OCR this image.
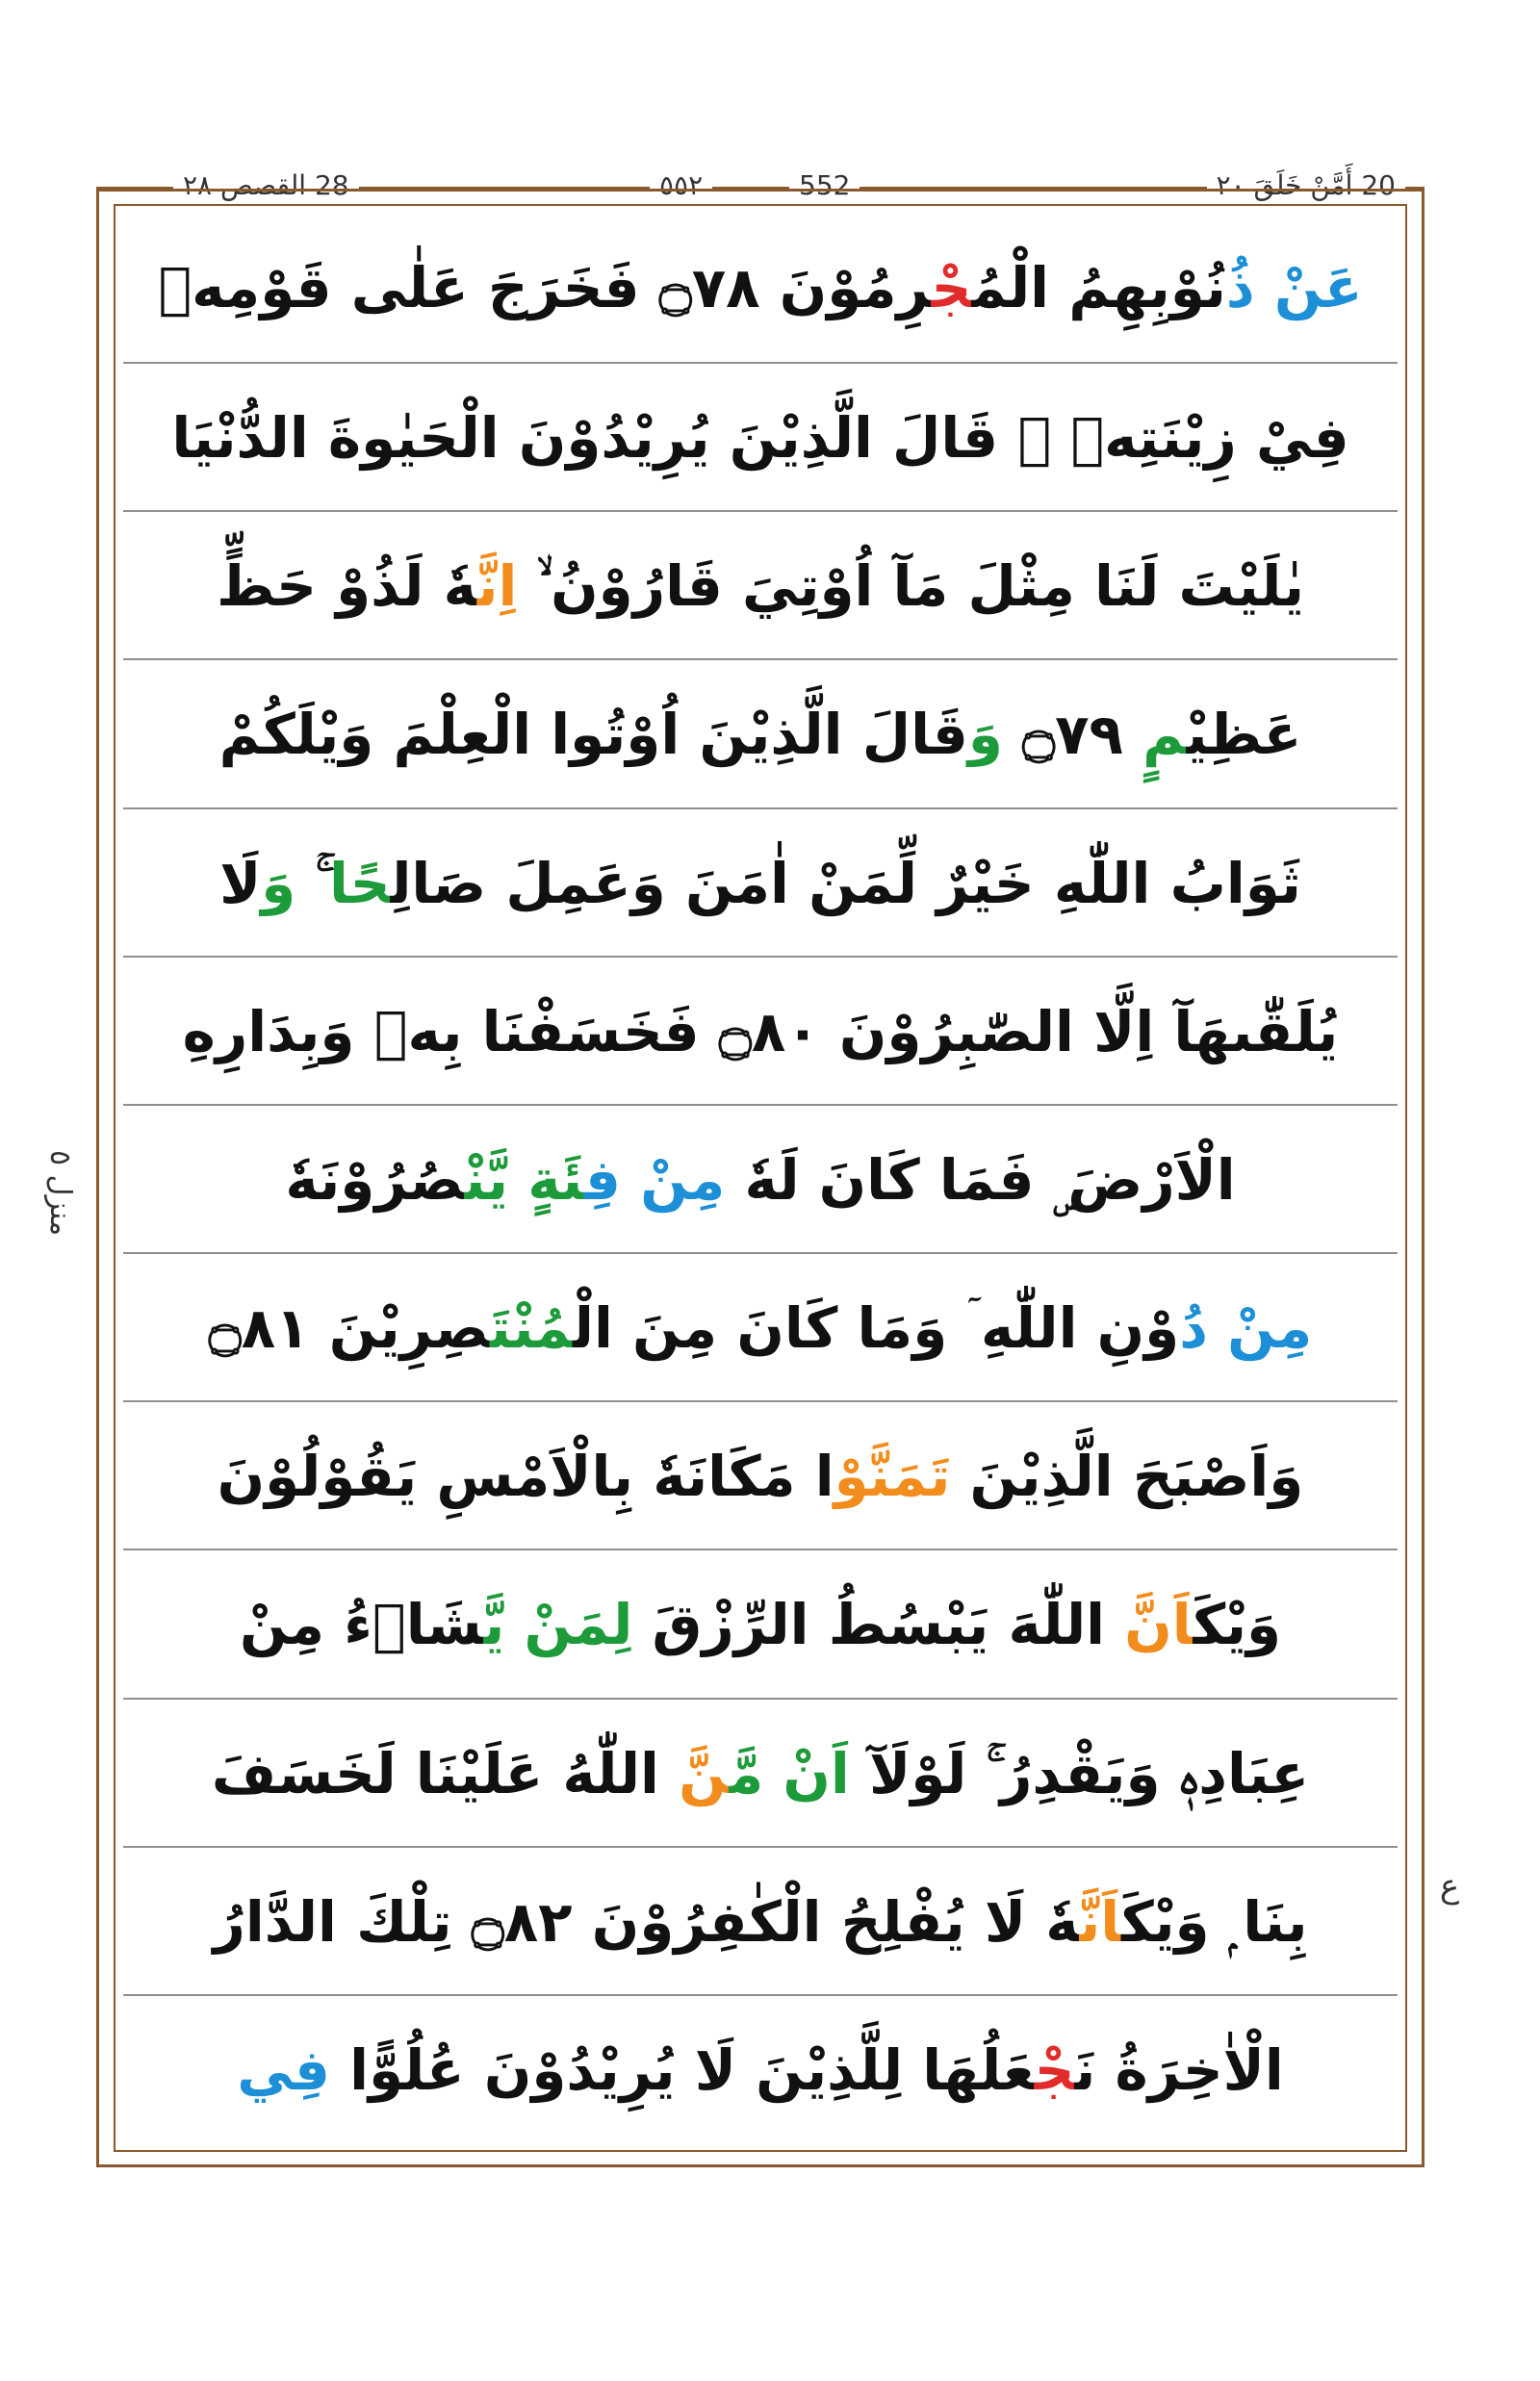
28 القصص ٢٨	٥٥٢	552	20 أَمَّنْ خَلَقَ ٢٠
عَنْ ذُنُوْبِهِمُ الْمُجْرِمُوْنَ ۝٧٨ فَخَرَجَ عَلٰى قَوْمِهٖ
فِيْ زِيْنَتِهٖ ۭ قَالَ الَّذِيْنَ يُرِيْدُوْنَ الْحَيٰوةَ الدُّنْيَا
يٰلَيْتَ لَنَا مِثْلَ مَآ اُوْتِيَ قَارُوْنُ ۙ اِنَّهٗ لَذُوْ حَظٍّ
عَظِيْمٍ ۝٧٩ وَقَالَ الَّذِيْنَ اُوْتُوا الْعِلْمَ وَيْلَكُمْ
ثَوَابُ اللّٰهِ خَيْرٌ لِّمَنْ اٰمَنَ وَعَمِلَ صَالِحًا ۚ وَلَا
يُلَقّٰىهَآ اِلَّا الصّٰبِرُوْنَ ۝٨٠ فَخَسَفْنَا بِهٖ وَبِدَارِهِ
الْاَرْضَ ۣ فَمَا كَانَ لَهٗ مِنْ فِئَةٍ يَّنْصُرُوْنَهٗ
مِنْ دُوْنِ اللّٰهِ ۤ وَمَا كَانَ مِنَ الْمُنْتَصِرِيْنَ ۝٨١
وَاَصْبَحَ الَّذِيْنَ تَمَنَّوْا مَكَانَهٗ بِالْاَمْسِ يَقُوْلُوْنَ
وَيْكَاَنَّ اللّٰهَ يَبْسُطُ الرِّزْقَ لِمَنْ يَّشَاۗءُ مِنْ
عِبَادِهٖ وَيَقْدِرُ ۚ لَوْلَآ اَنْ مَّنَّ اللّٰهُ عَلَيْنَا لَخَسَفَ
بِنَا ۭ وَيْكَاَنَّهٗ لَا يُفْلِحُ الْكٰفِرُوْنَ ۝٨٢ تِلْكَ الدَّارُ
الْاٰخِرَةُ نَجْعَلُهَا لِلَّذِيْنَ لَا يُرِيْدُوْنَ عُلُوًّا فِي
منزل ٥
ع
